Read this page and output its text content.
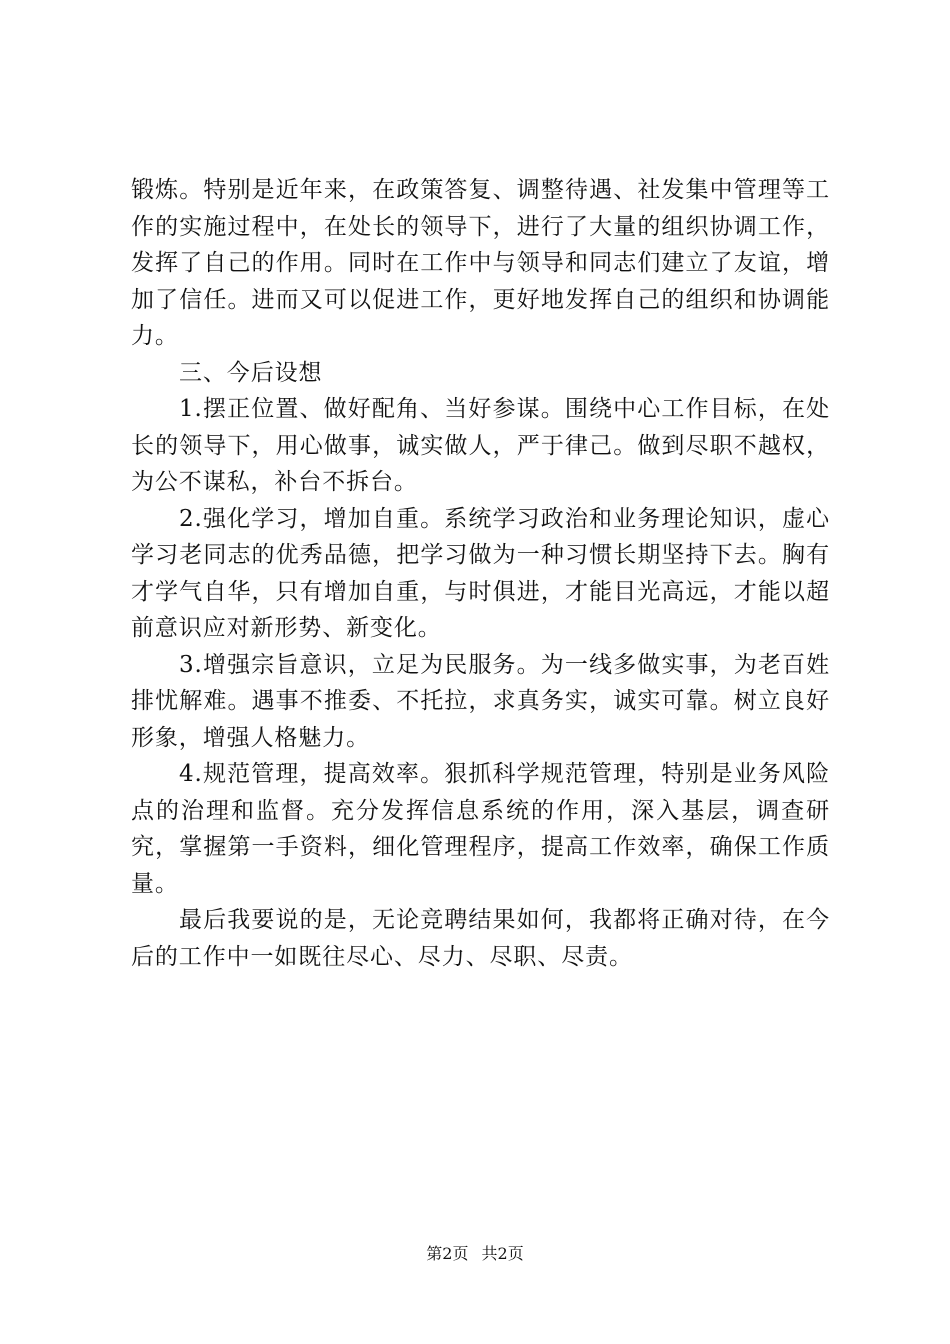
锻炼。特别是近年来，在政策答复、调整待遇、社发集中管理等工作的实施过程中，在处长的领导下，进行了大量的组织协调工作，发挥了自己的作用。同时在工作中与领导和同志们建立了友谊，增加了信任。进而又可以促进工作，更好地发挥自己的组织和协调能力。

三、今后设想

1.摆正位置、做好配角、当好参谋。围绕中心工作目标，在处长的领导下，用心做事，诚实做人，严于律己。做到尽职不越权，为公不谋私，补台不拆台。

2.强化学习，增加自重。系统学习政治和业务理论知识，虚心学习老同志的优秀品德，把学习做为一种习惯长期坚持下去。胸有才学气自华，只有增加自重，与时俱进，才能目光高远，才能以超前意识应对新形势、新变化。

3.增强宗旨意识，立足为民服务。为一线多做实事，为老百姓排忧解难。遇事不推委、不托拉，求真务实，诚实可靠。树立良好形象，增强人格魅力。

4.规范管理，提高效率。狠抓科学规范管理，特别是业务风险点的治理和监督。充分发挥信息系统的作用，深入基层，调查研究，掌握第一手资料，细化管理程序，提高工作效率，确保工作质量。

最后我要说的是，无论竞聘结果如何，我都将正确对待，在今后的工作中一如既往尽心、尽力、尽职、尽责。

第2页 共2页
